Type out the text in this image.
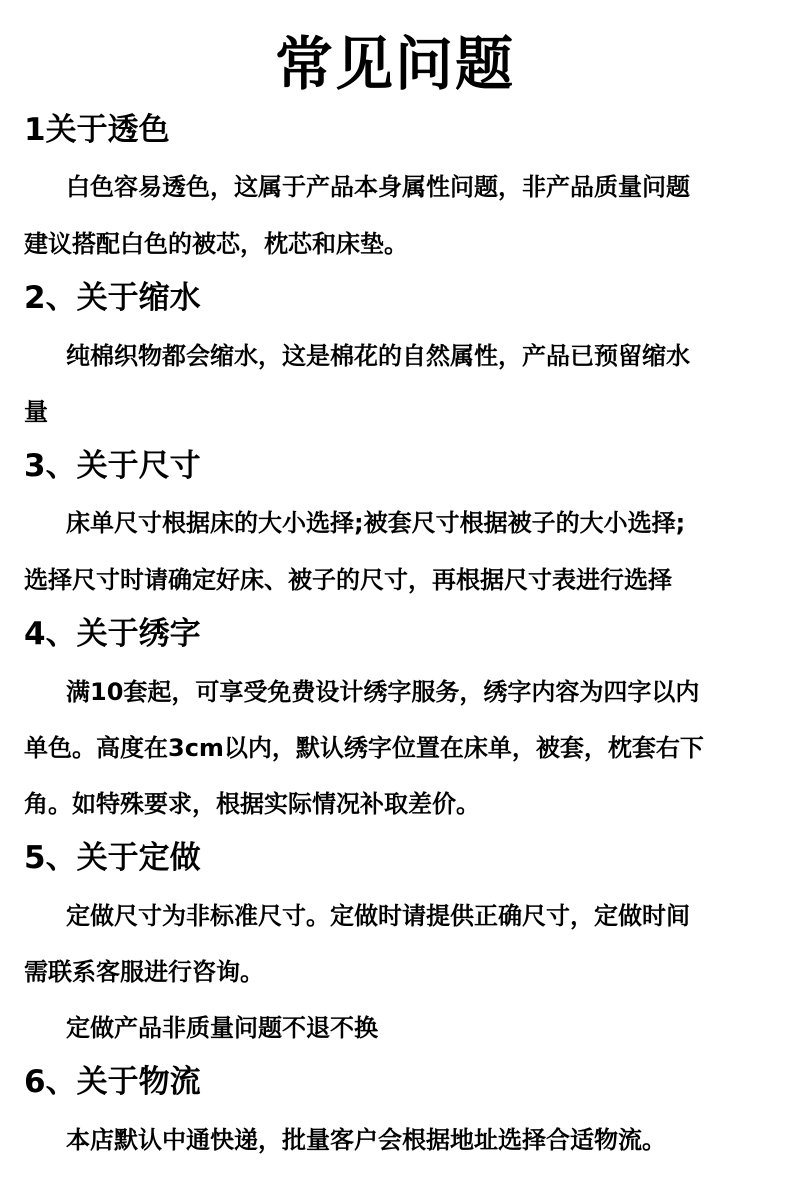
常见问题
1关于透色
白色容易透色，这属于产品本身属性问题，非产品质量问题
建议搭配白色的被芯，枕芯和床垫。
2、关于缩水
纯棉织物都会缩水，这是棉花的自然属性，产品已预留缩水
量
3、关于尺寸
床单尺寸根据床的大小选择;被套尺寸根据被子的大小选择;
选择尺寸时请确定好床、被子的尺寸，再根据尺寸表进行选择
4、关于绣字
满10套起，可享受免费设计绣字服务，绣字内容为四字以内
单色。高度在3cm以内，默认绣字位置在床单，被套，枕套右下
角。如特殊要求，根据实际情况补取差价。
5、关于定做
定做尺寸为非标准尺寸。定做时请提供正确尺寸，定做时间
需联系客服进行咨询。
定做产品非质量问题不退不换
6、关于物流
本店默认中通快递，批量客户会根据地址选择合适物流。
